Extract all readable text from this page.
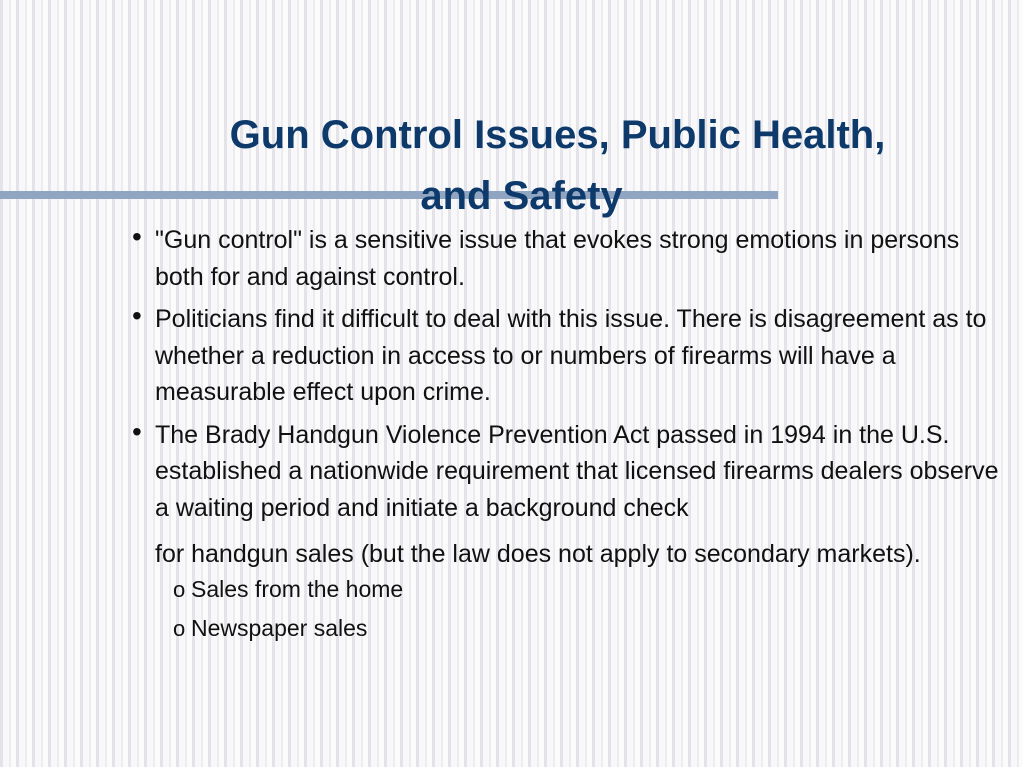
Gun Control Issues, Public Health,
and Safety
• "Gun control" is a sensitive issue that evokes strong emotions in persons both for and against control.
• Politicians find it difficult to deal with this issue. There is disagreement as to whether a reduction in access to or numbers of firearms will have a measurable effect upon crime.
• The Brady Handgun Violence Prevention Act passed in 1994 in the U.S. established a nationwide requirement that licensed firearms dealers observe a waiting period and initiate a background check
for handgun sales (but the law does not apply to secondary markets).
o Sales from the home
o Newspaper sales
